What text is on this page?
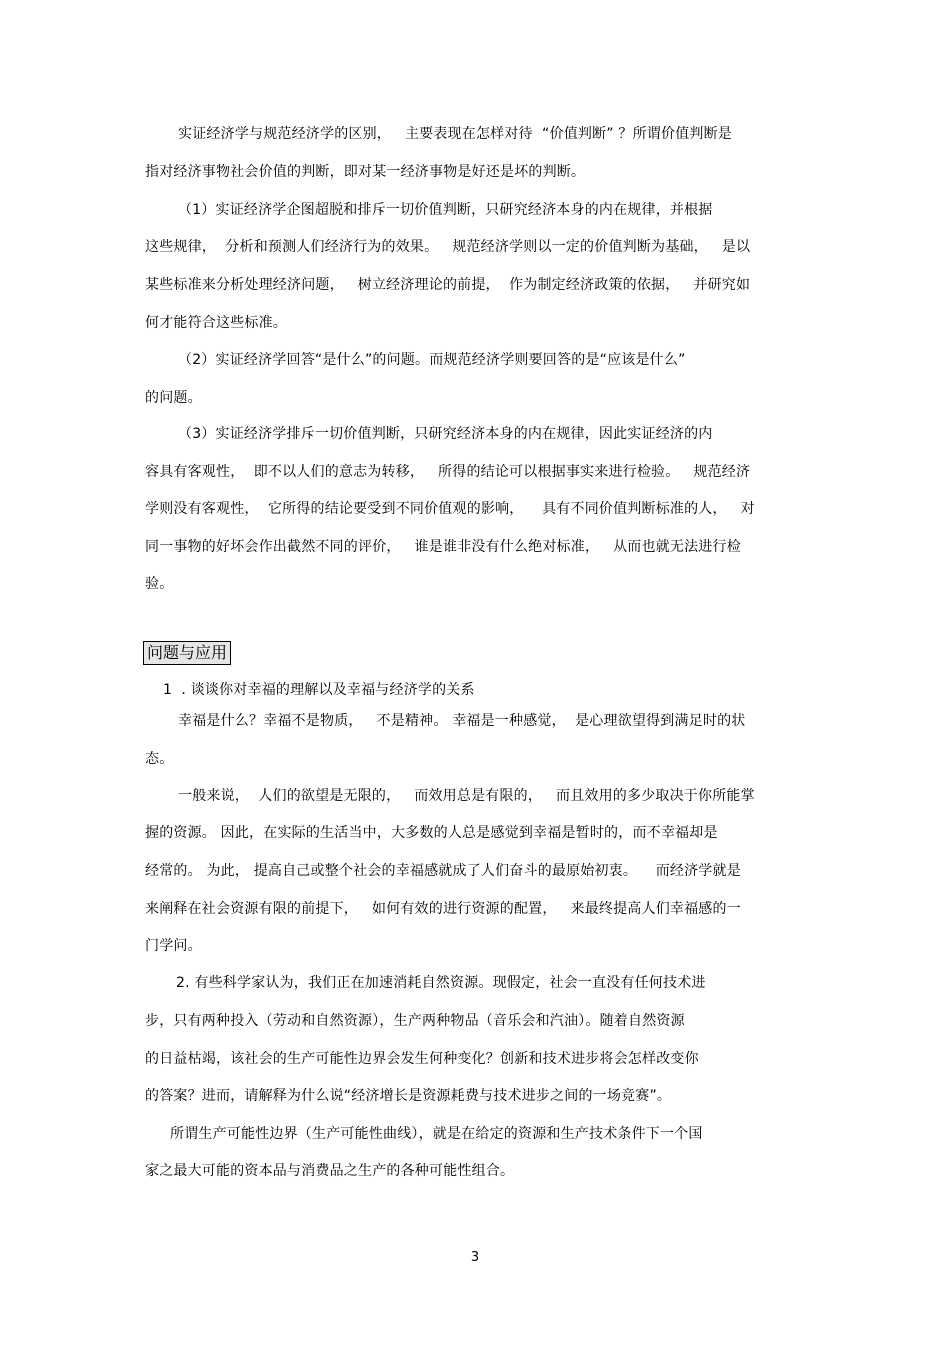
实证经济学与规范经济学的区别，   主要表现在怎样对待  “价值判断” ？所谓价值判断是
指对经济事物社会价值的判断，即对某一经济事物是好还是坏的判断。
（1）实证经济学企图超脱和排斥一切价值判断，只研究经济本身的内在规律，并根据
这些规律，  分析和预测人们经济行为的效果。   规范经济学则以一定的价值判断为基础，   是以
某些标准来分析处理经济问题，   树立经济理论的前提，  作为制定经济政策的依据，   并研究如
何才能符合这些标准。
（2）实证经济学回答“是什么”的问题。而规范经济学则要回答的是“应该是什么”
的问题。
（3）实证经济学排斥一切价值判断，只研究经济本身的内在规律，因此实证经济的内
容具有客观性，  即不以人们的意志为转移，   所得的结论可以根据事实来进行检验。   规范经济
学则没有客观性，  它所得的结论要受到不同价值观的影响，    具有不同价值判断标准的人，   对
同一事物的好坏会作出截然不同的评价，   谁是谁非没有什么绝对标准，   从而也就无法进行检
验。
问题与应用
1  . 谈谈你对幸福的理解以及幸福与经济学的关系
幸福是什么？幸福不是物质，   不是精神。 幸福是一种感觉，  是心理欲望得到满足时的状
态。
一般来说，  人们的欲望是无限的，   而效用总是有限的，   而且效用的多少取决于你所能掌
握的资源。 因此，在实际的生活当中，大多数的人总是感觉到幸福是暂时的，而不幸福却是
经常的。 为此， 提高自己或整个社会的幸福感就成了人们奋斗的最原始初衷。    而经济学就是
来阐释在社会资源有限的前提下，   如何有效的进行资源的配置，   来最终提高人们幸福感的一
门学问。
2. 有些科学家认为，我们正在加速消耗自然资源。现假定，社会一直没有任何技术进
步，只有两种投入（劳动和自然资源），生产两种物品（音乐会和汽油）。随着自然资源
的日益枯竭，该社会的生产可能性边界会发生何种变化？创新和技术进步将会怎样改变你
的答案？进而，请解释为什么说“经济增长是资源耗费与技术进步之间的一场竞赛”。
所谓生产可能性边界（生产可能性曲线），就是在给定的资源和生产技术条件下一个国
家之最大可能的资本品与消费品之生产的各种可能性组合。
3
